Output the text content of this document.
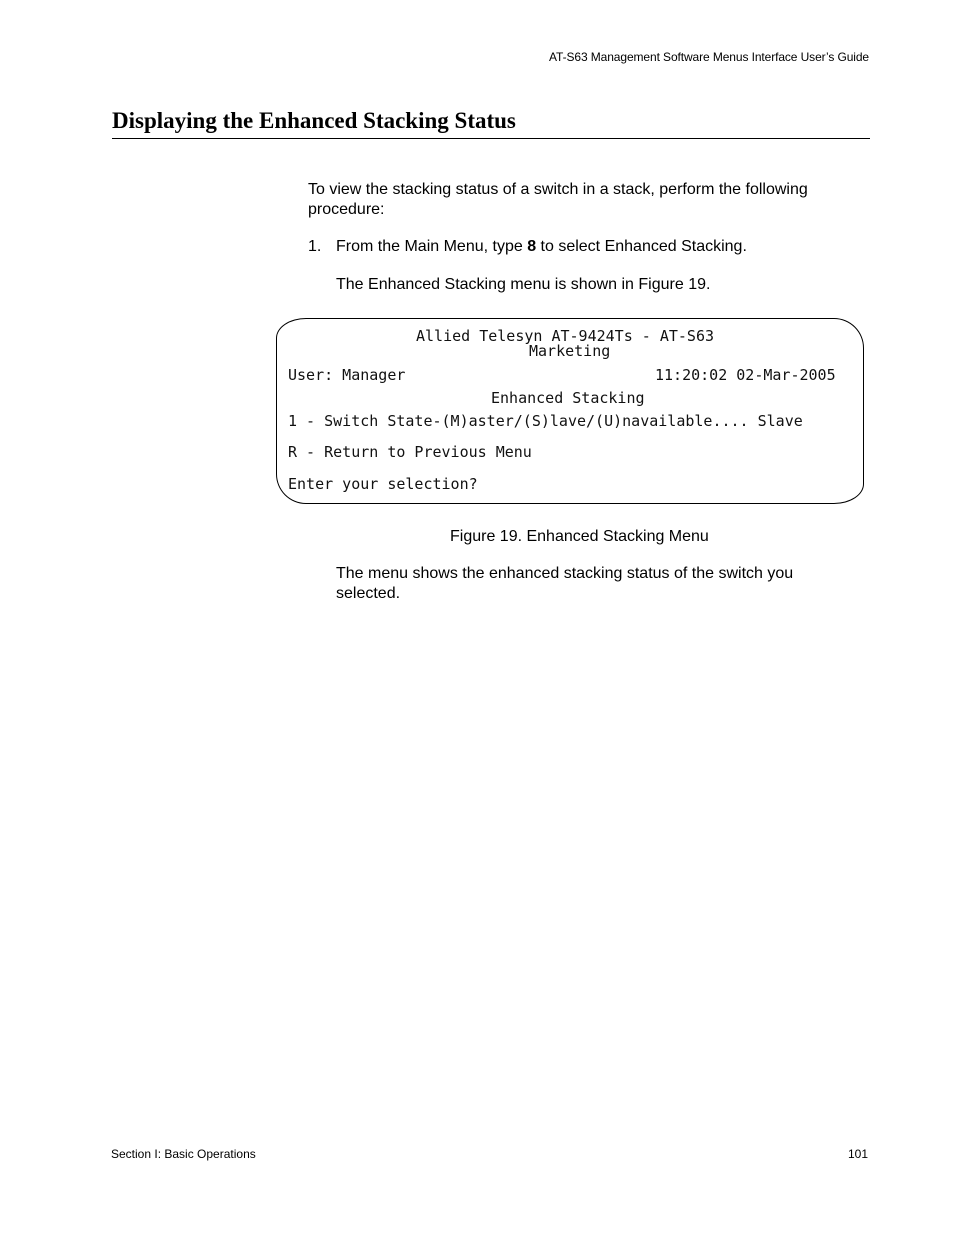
AT-S63 Management Software Menus Interface User’s Guide
Displaying the Enhanced Stacking Status
To view the stacking status of a switch in a stack, perform the following procedure:
1. From the Main Menu, type 8 to select Enhanced Stacking.
The Enhanced Stacking menu is shown in Figure 19.
Allied Telesyn AT-9424Ts - AT-S63
Marketing
User: Manager	11:20:02 02-Mar-2005
Enhanced Stacking
1 - Switch State-(M)aster/(S)lave/(U)navailable.... Slave
R - Return to Previous Menu
Enter your selection?
Figure 19. Enhanced Stacking Menu
The menu shows the enhanced stacking status of the switch you selected.
Section I: Basic Operations	101
